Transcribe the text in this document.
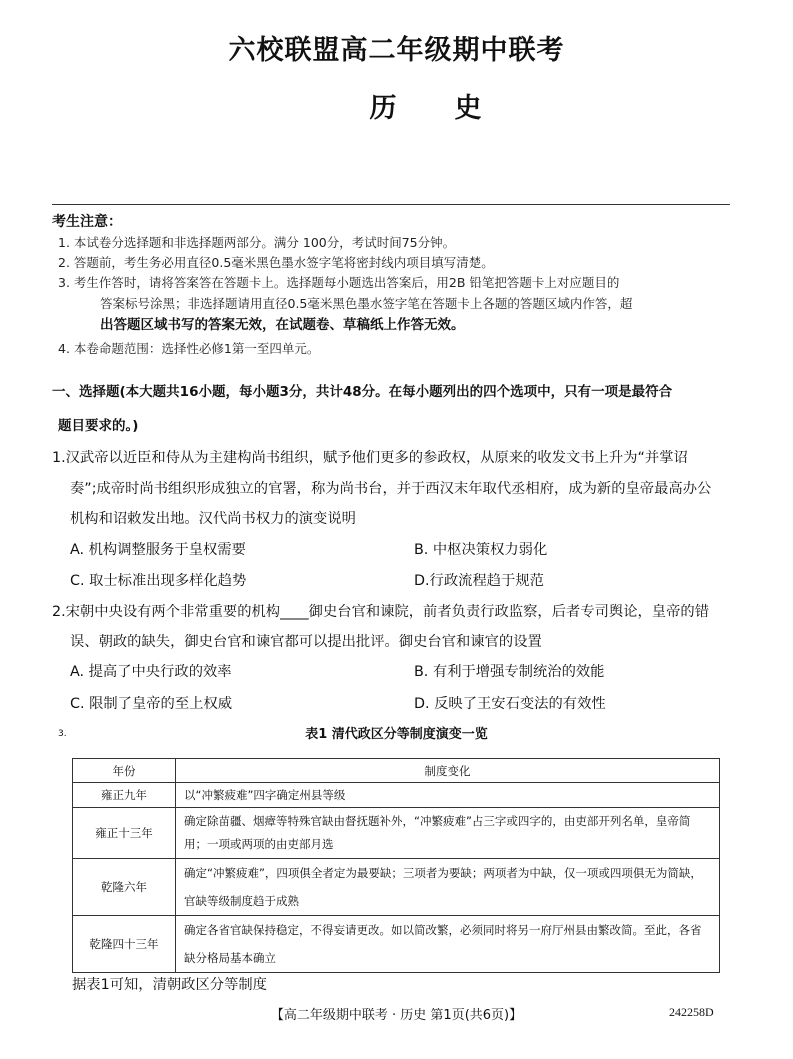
六校联盟高二年级期中联考
历史
考生注意：
1. 本试卷分选择题和非选择题两部分。满分 100分，考试时间75分钟。
2. 答题前，考生务必用直径0.5毫米黑色墨水签字笔将密封线内项目填写清楚。
3. 考生作答时，请将答案答在答题卡上。选择题每小题选出答案后，用2B 铅笔把答题卡上对应题目的
答案标号涂黑；非选择题请用直径0.5毫米黑色墨水签字笔在答题卡上各题的答题区域内作答，超
出答题区域书写的答案无效，在试题卷、草稿纸上作答无效。
4. 本卷命题范围：选择性必修1第一至四单元。
一、选择题(本大题共16小题，每小题3分，共计48分。在每小题列出的四个选项中，只有一项是最符合
题目要求的。)
1.汉武帝以近臣和侍从为主建构尚书组织，赋予他们更多的参政权，从原来的收发文书上升为“并掌诏
奏”;成帝时尚书组织形成独立的官署，称为尚书台，并于西汉末年取代丞相府，成为新的皇帝最高办公
机构和诏敕发出地。汉代尚书权力的演变说明
A. 机构调整服务于皇权需要	B. 中枢决策权力弱化
C. 取士标准出现多样化趋势	D.行政流程趋于规范
2.宋朝中央设有两个非常重要的机构____御史台官和谏院，前者负责行政监察，后者专司舆论，皇帝的错
误、朝政的缺失，御史台官和谏官都可以提出批评。御史台官和谏官的设置
A. 提高了中央行政的效率	B. 有利于增强专制统治的效能
C. 限制了皇帝的至上权威	D. 反映了王安石变法的有效性
3.	表1 清代政区分等制度演变一览
年份	制度变化
雍正九年	以“冲繁疲难”四字确定州县等级
雍正十三年	确定除苗疆、烟瘴等特殊官缺由督抚题补外，“冲繁疲难”占三字或四字的，由吏部开列名单，皇帝简用；一项或两项的由吏部月选
乾隆六年	确定“冲繁疲难”，四项俱全者定为最要缺；三项者为要缺；两项者为中缺，仅一项或四项俱无为简缺，官缺等级制度趋于成熟
乾隆四十三年	确定各省官缺保持稳定，不得妄请更改。如以简改繁，必须同时将另一府厅州县由繁改简。至此，各省缺分格局基本确立
据表1可知，清朝政区分等制度
【高二年级期中联考 · 历史 第1页(共6页)】	242258D
